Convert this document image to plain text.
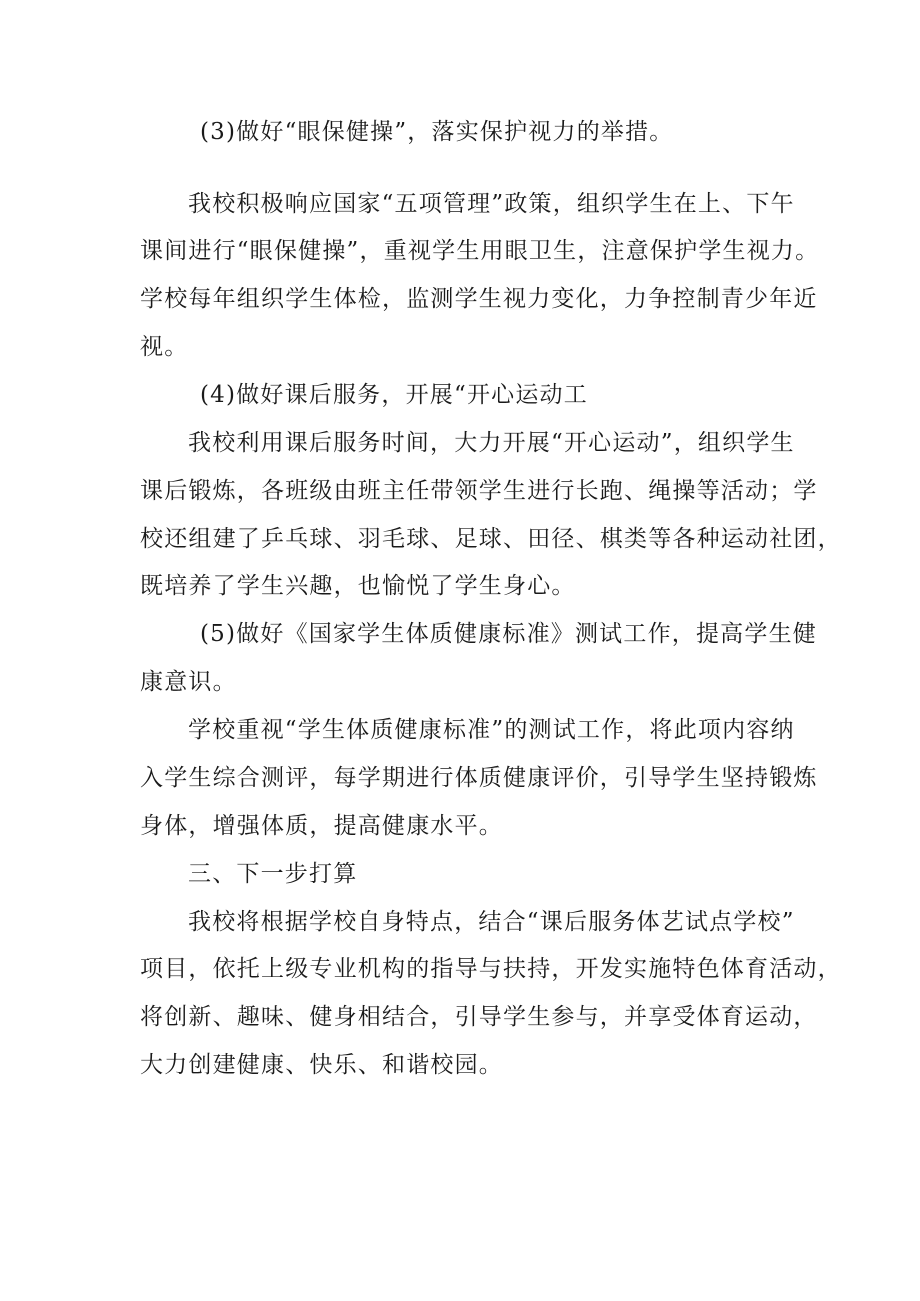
(3)做好“眼保健操”，落实保护视力的举措。
我校积极响应国家“五项管理”政策，组织学生在上、下午
课间进行“眼保健操”，重视学生用眼卫生，注意保护学生视力。
学校每年组织学生体检，监测学生视力变化，力争控制青少年近
视。
(4)做好课后服务，开展“开心运动工
我校利用课后服务时间，大力开展“开心运动”，组织学生
课后锻炼，各班级由班主任带领学生进行长跑、绳操等活动；学
校还组建了乒乓球、羽毛球、足球、田径、棋类等各种运动社团，
既培养了学生兴趣，也愉悦了学生身心。
(5)做好《国家学生体质健康标准》测试工作，提高学生健
康意识。
学校重视“学生体质健康标准”的测试工作，将此项内容纳
入学生综合测评，每学期进行体质健康评价，引导学生坚持锻炼
身体，增强体质，提高健康水平。
三、下一步打算
我校将根据学校自身特点，结合“课后服务体艺试点学校”
项目，依托上级专业机构的指导与扶持，开发实施特色体育活动，
将创新、趣味、健身相结合，引导学生参与，并享受体育运动，
大力创建健康、快乐、和谐校园。
